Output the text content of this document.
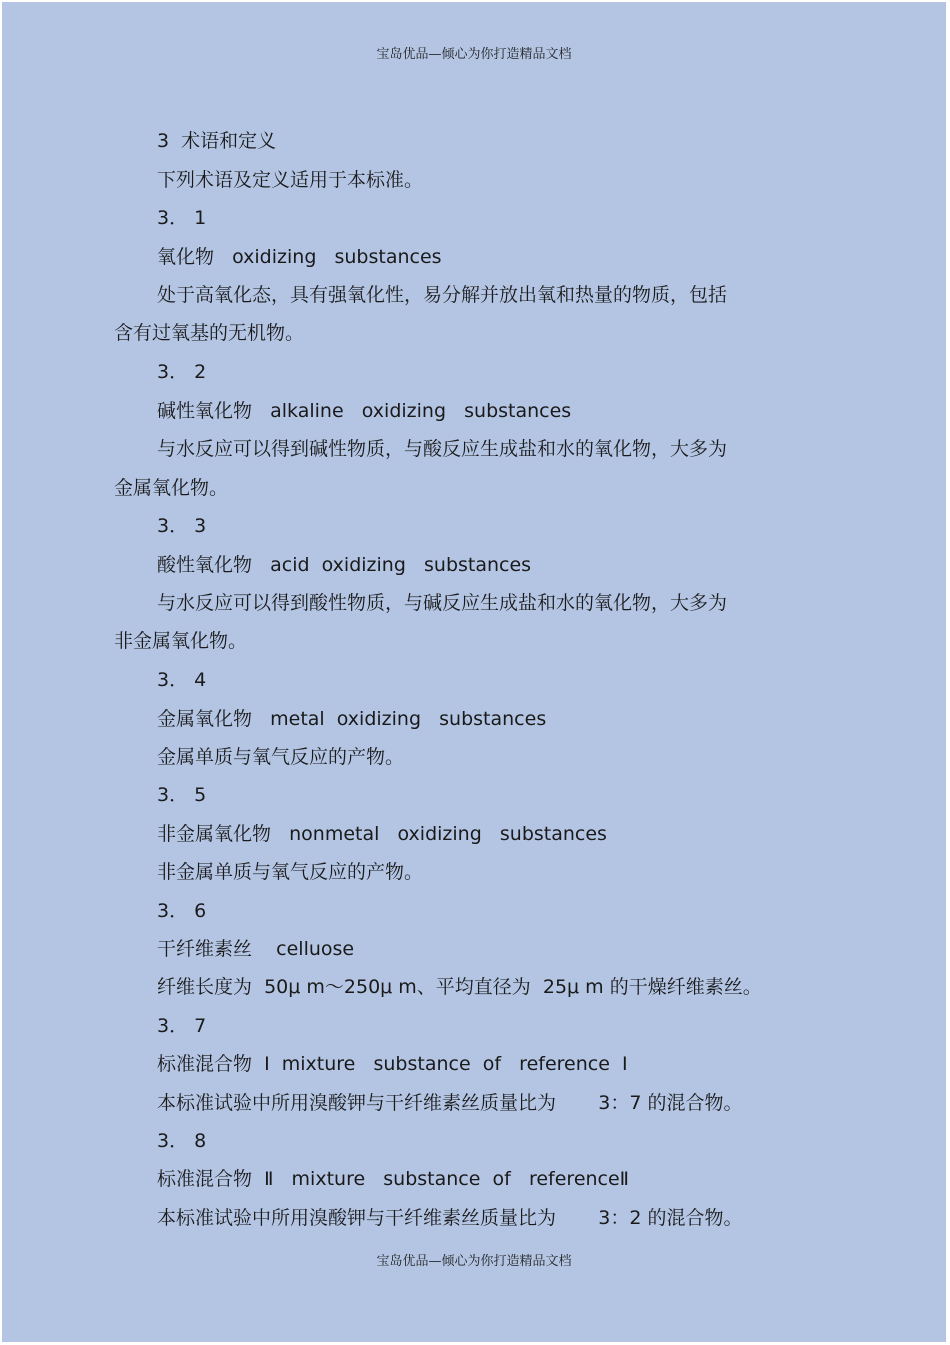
宝岛优品—倾心为你打造精品文档
3  术语和定义
下列术语及定义适用于本标准。
3． 1
氧化物   oxidizing   substances
处于高氧化态，具有强氧化性，易分解并放出氧和热量的物质，包括
含有过氧基的无机物。
3． 2
碱性氧化物   alkaline   oxidizing   substances
与水反应可以得到碱性物质，与酸反应生成盐和水的氧化物，大多为
金属氧化物。
3． 3
酸性氧化物   acid  oxidizing   substances
与水反应可以得到酸性物质，与碱反应生成盐和水的氧化物，大多为
非金属氧化物。
3． 4
金属氧化物   metal  oxidizing   substances
金属单质与氧气反应的产物。
3． 5
非金属氧化物   nonmetal   oxidizing   substances
非金属单质与氧气反应的产物。
3． 6
干纤维素丝    celluose
纤维长度为  50μ m～250μ m、平均直径为  25μ m 的干燥纤维素丝。
3． 7
标准混合物  I  mixture   substance  of   reference  I
本标准试验中所用溴酸钾与干纤维素丝质量比为       3：7 的混合物。
3． 8
标准混合物  Ⅱ   mixture   substance  of   referenceⅡ
本标准试验中所用溴酸钾与干纤维素丝质量比为       3：2 的混合物。
宝岛优品—倾心为你打造精品文档
